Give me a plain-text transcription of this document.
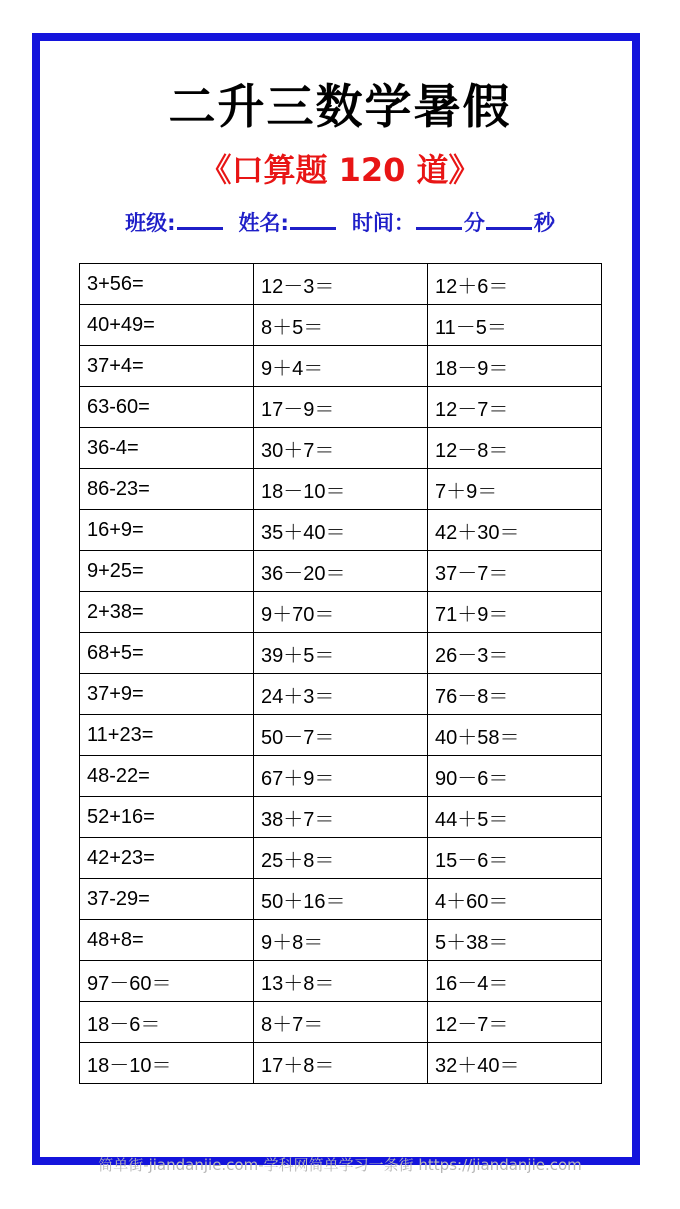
二升三数学暑假
《口算题 120 道》
班级:	姓名:	时间： 分 秒
3+56=	12－3＝	12＋6＝
40+49=	8＋5＝	11－5＝
37+4=	9＋4＝	18－9＝
63-60=	17－9＝	12－7＝
36-4=	30＋7＝	12－8＝
86-23=	18－10＝	7＋9＝
16+9=	35＋40＝	42＋30＝
9+25=	36－20＝	37－7＝
2+38=	9＋70＝	71＋9＝
68+5=	39＋5＝	26－3＝
37+9=	24＋3＝	76－8＝
11+23=	50－7＝	40＋58＝
48-22=	67＋9＝	90－6＝
52+16=	38＋7＝	44＋5＝
42+23=	25＋8＝	15－6＝
37-29=	50＋16＝	4＋60＝
48+8=	9＋8＝	5＋38＝
97－60＝	13＋8＝	16－4＝
18－6＝	8＋7＝	12－7＝
18－10＝	17＋8＝	32＋40＝
简单街-jiandanjie.com-学科网简单学习一条街 https://jiandanjie.com
